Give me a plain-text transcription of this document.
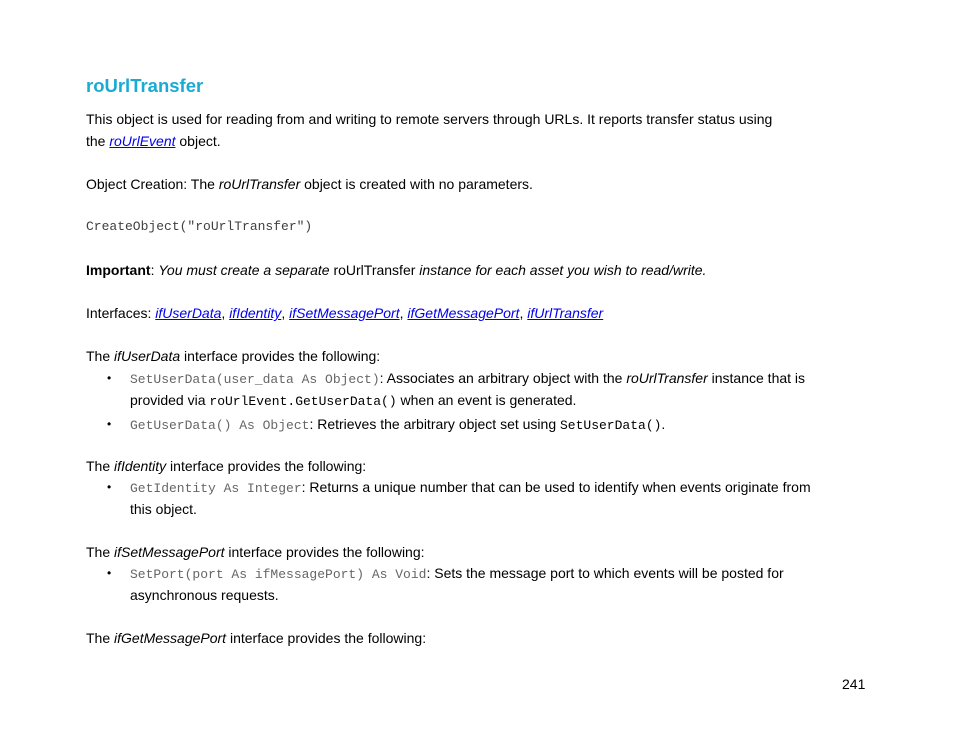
roUrlTransfer

This object is used for reading from and writing to remote servers through URLs. It reports transfer status using

the roUrlEvent object.

Object Creation: The roUrlTransfer object is created with no parameters.

CreateObject("roUrlTransfer")

Important: You must create a separate roUrlTransfer instance for each asset you wish to read/write.

Interfaces: ifUserData, ifIdentity, ifSetMessagePort, ifGetMessagePort, ifUrlTransfer

The ifUserData interface provides the following:

• SetUserData(user_data As Object): Associates an arbitrary object with the roUrlTransfer instance that is
provided via roUrlEvent.GetUserData() when an event is generated.
• GetUserData() As Object: Retrieves the arbitrary object set using SetUserData().

The ifIdentity interface provides the following:

• GetIdentity As Integer: Returns a unique number that can be used to identify when events originate from
this object.

The ifSetMessagePort interface provides the following:

• SetPort(port As ifMessagePort) As Void: Sets the message port to which events will be posted for
asynchronous requests.

The ifGetMessagePort interface provides the following:

241
